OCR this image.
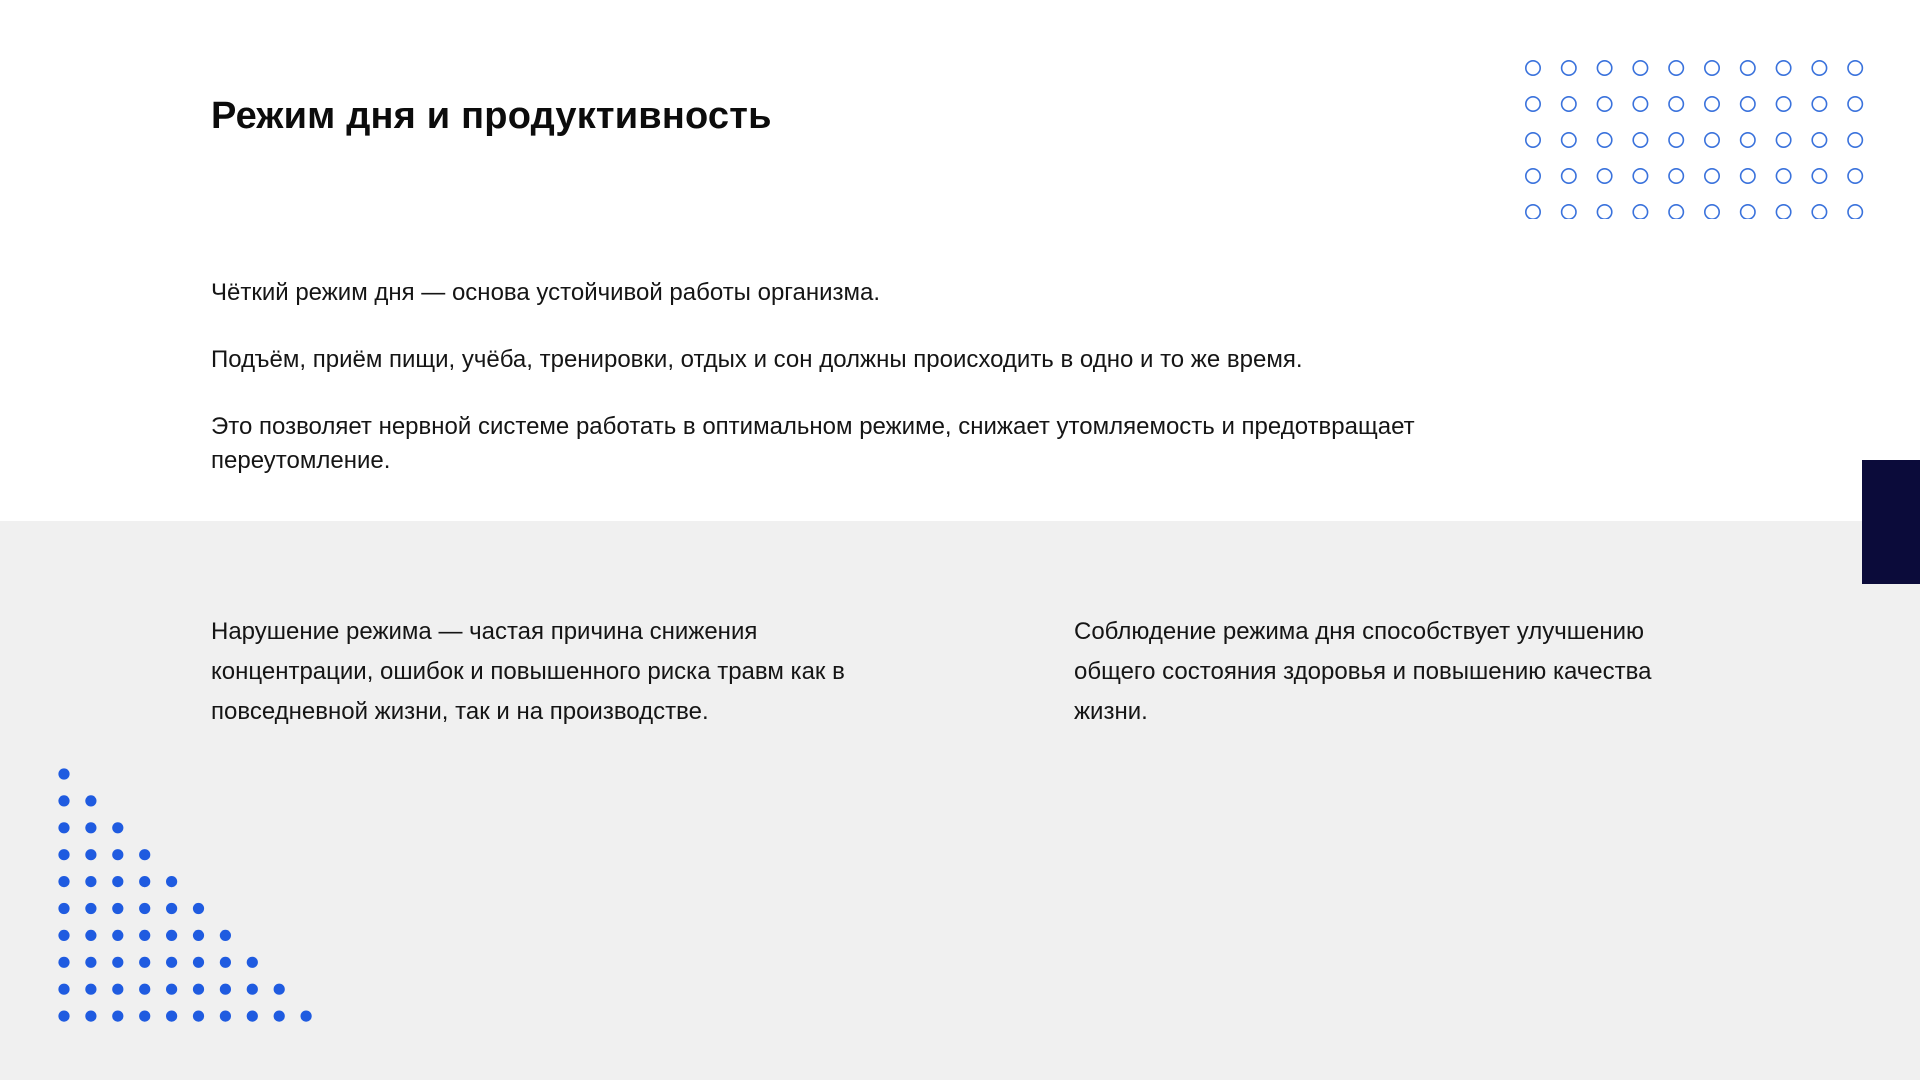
Режим дня и продуктивность

Чёткий режим дня — основа устойчивой работы организма.

Подъём, приём пищи, учёба, тренировки, отдых и сон должны происходить в одно и то же время.

Это позволяет нервной системе работать в оптимальном режиме, снижает утомляемость и предотвращает переутомление.

Нарушение режима — частая причина снижения концентрации, ошибок и повышенного риска травм как в повседневной жизни, так и на производстве.

Соблюдение режима дня способствует улучшению общего состояния здоровья и повышению качества жизни.
